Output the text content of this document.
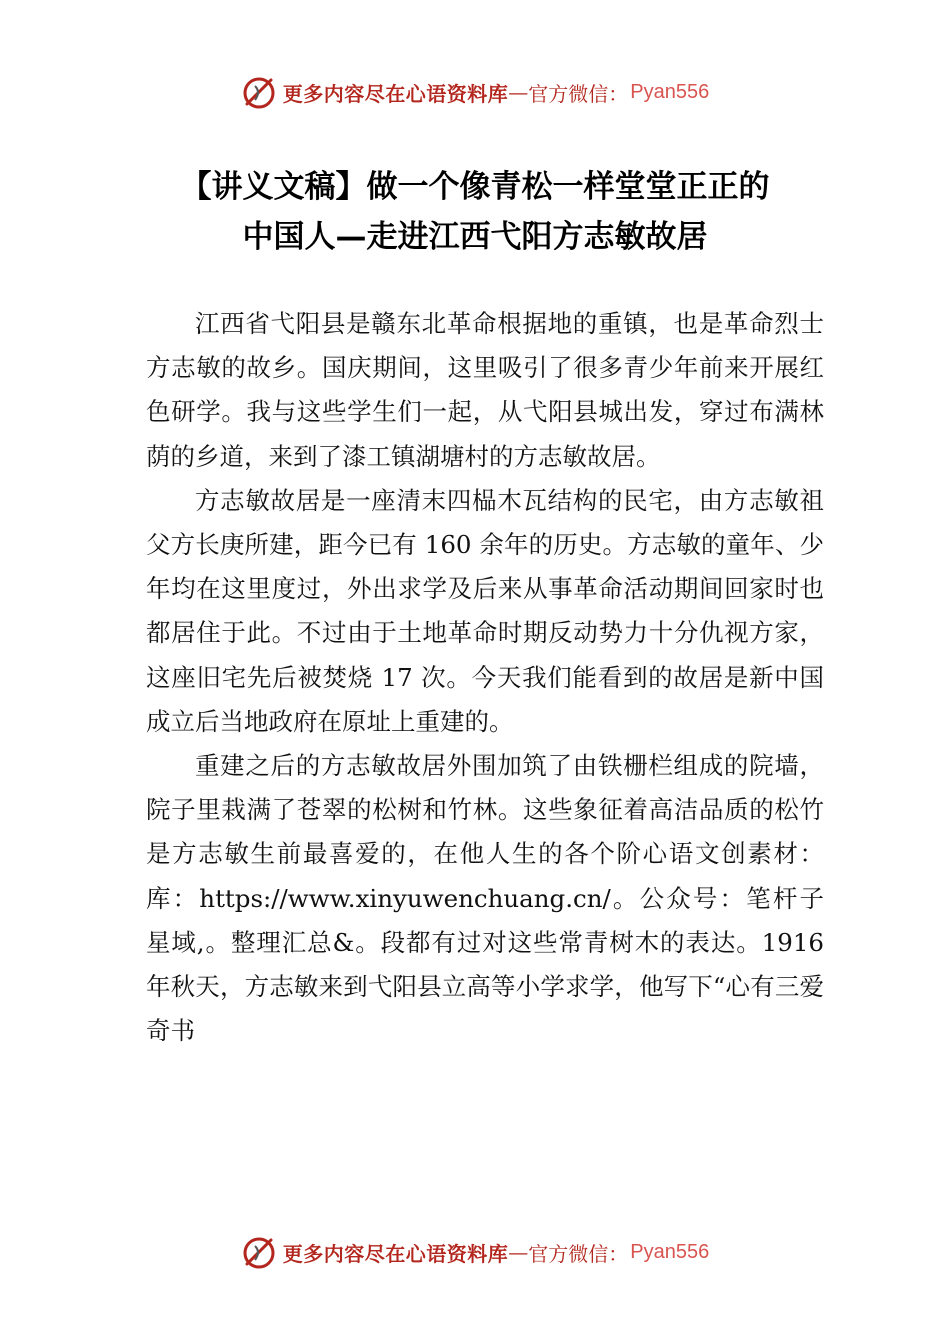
更多内容尽在心语资料库 — 官方微信： Pyan556
【讲义文稿】做一个像青松一样堂堂正正的
中国人—走进江西弋阳方志敏故居

江西省弋阳县是赣东北革命根据地的重镇，也是革命烈士方志敏的故乡。国庆期间，这里吸引了很多青少年前来开展红色研学。我与这些学生们一起，从弋阳县城出发，穿过布满林荫的乡道，来到了漆工镇湖塘村的方志敏故居。

方志敏故居是一座清末四榀木瓦结构的民宅，由方志敏祖父方长庚所建，距今已有 160 余年的历史。方志敏的童年、少年均在这里度过，外出求学及后来从事革命活动期间回家时也都居住于此。不过由于土地革命时期反动势力十分仇视方家，这座旧宅先后被焚烧 17 次。今天我们能看到的故居是新中国成立后当地政府在原址上重建的。

重建之后的方志敏故居外围加筑了由铁栅栏组成的院墙，院子里栽满了苍翠的松树和竹林。这些象征着高洁品质的松竹是方志敏生前最喜爱的，在他人生的各个阶心语文创素材：库：https://www.xinyuwenchuang.cn/。公众号：笔杆子星域,。整理汇总&。段都有过对这些常青树木的表达。1916 年秋天，方志敏来到弋阳县立高等小学求学，他写下“心有三爱奇书

更多内容尽在心语资料库 — 官方微信： Pyan556
